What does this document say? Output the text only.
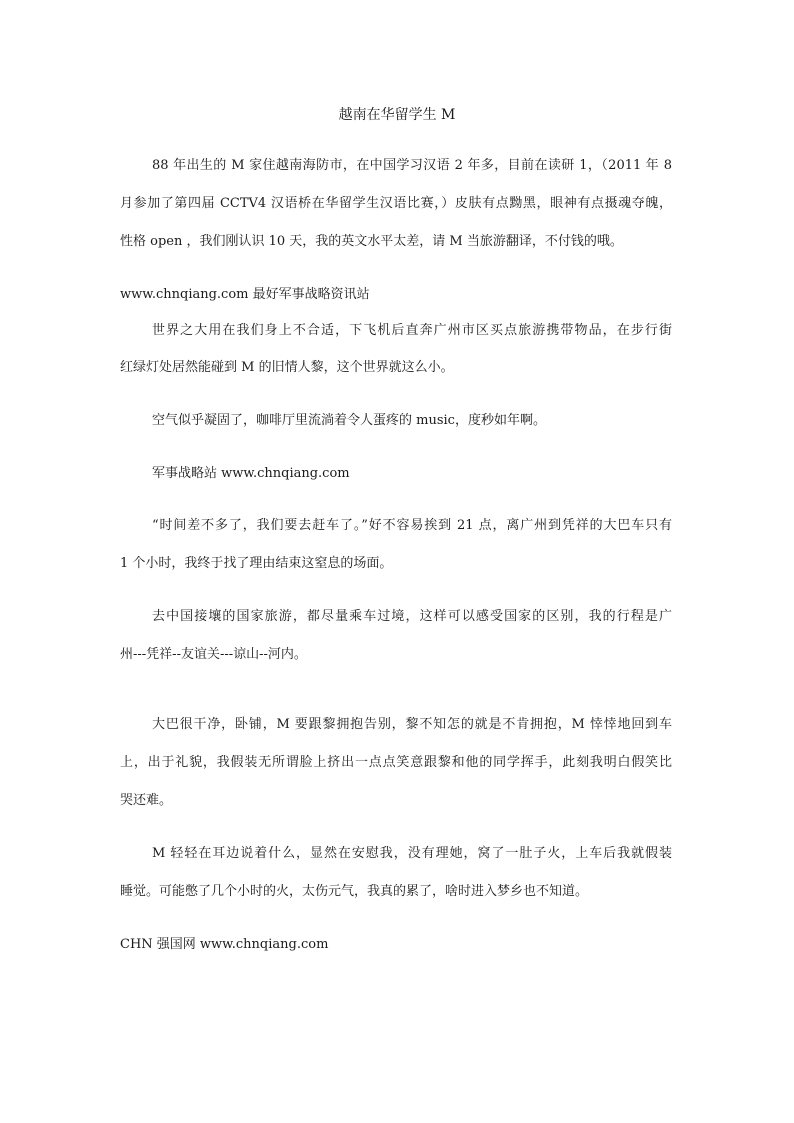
越南在华留学生 M
88 年出生的 M 家住越南海防市，在中国学习汉语 2 年多，目前在读研 1，（2011 年 8
月参加了第四届 CCTV4 汉语桥在华留学生汉语比赛，）皮肤有点黝黑，眼神有点摄魂夺魄，
性格 open ，我们刚认识 10 天，我的英文水平太差，请 M 当旅游翻译，不付钱的哦。
www.chnqiang.com 最好军事战略资讯站
世界之大用在我们身上不合适，下飞机后直奔广州市区买点旅游携带物品，在步行街
红绿灯处居然能碰到 M 的旧情人黎，这个世界就这么小。
空气似乎凝固了，咖啡厅里流淌着令人蛋疼的 music，度秒如年啊。
军事战略站 www.chnqiang.com
“时间差不多了，我们要去赶车了。”好不容易挨到 21 点，离广州到凭祥的大巴车只有
1 个小时，我终于找了理由结束这窒息的场面。
去中国接壤的国家旅游，都尽量乘车过境，这样可以感受国家的区别，我的行程是广
州---凭祥--友谊关---谅山--河内。
大巴很干净，卧铺，M 要跟黎拥抱告别，黎不知怎的就是不肯拥抱，M 悻悻地回到车
上，出于礼貌，我假装无所谓脸上挤出一点点笑意跟黎和他的同学挥手，此刻我明白假笑比
哭还难。
M 轻轻在耳边说着什么，显然在安慰我，没有理她，窝了一肚子火，上车后我就假装
睡觉。可能憋了几个小时的火，太伤元气，我真的累了，啥时进入梦乡也不知道。
CHN 强国网 www.chnqiang.com
